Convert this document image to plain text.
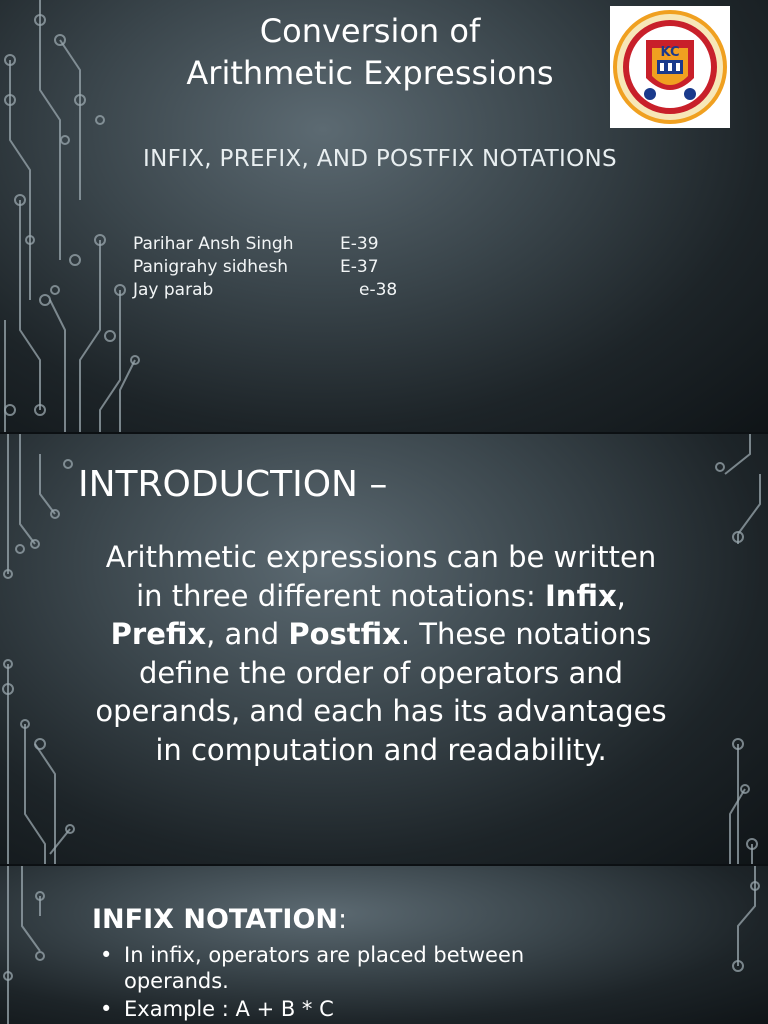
Conversion of
Arithmetic Expressions
KC
INFIX, PREFIX, AND POSTFIX NOTATIONS
Parihar Ansh Singh	E-39
Panigrahy sidhesh	E-37
Jay parab	e-38
INTRODUCTION –
Arithmetic expressions can be written in three different notations: Infix, Prefix, and Postfix. These notations define the order of operators and operands, and each has its advantages in computation and readability.
INFIX NOTATION:
• In infix, operators are placed between operands.
• Example : A + B * C
